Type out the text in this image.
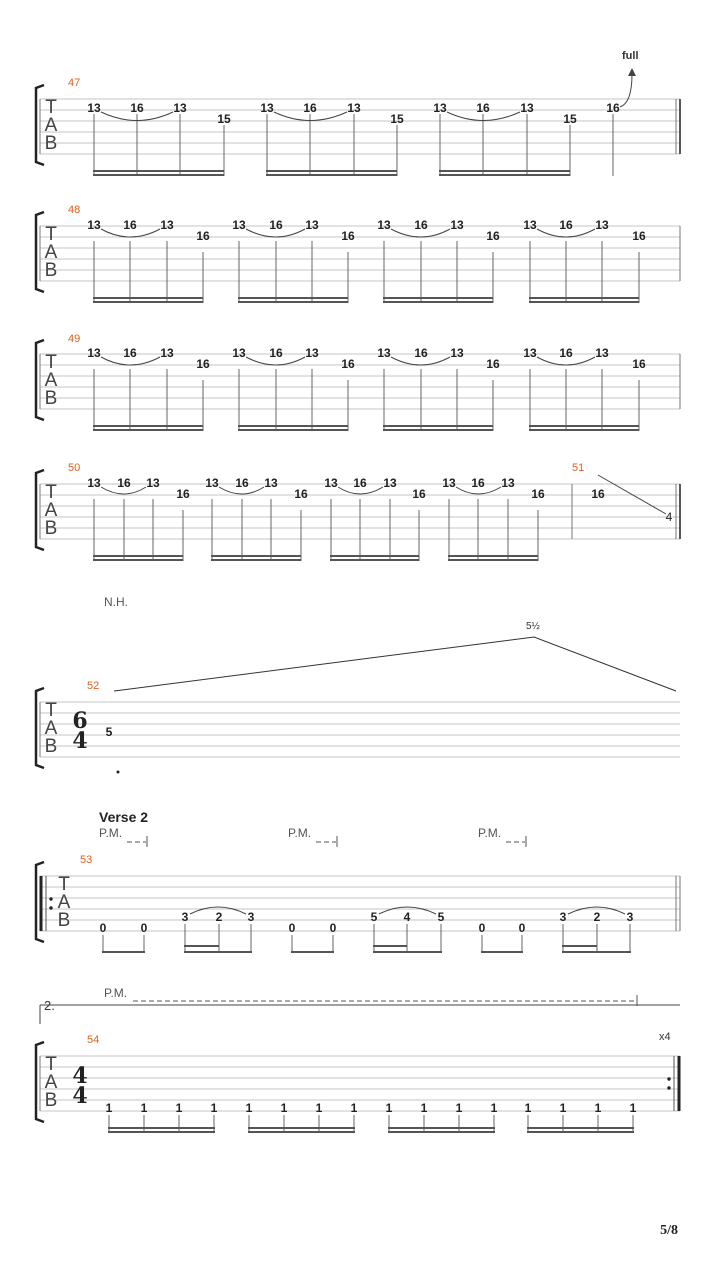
T
A
B
47
full
13 16 13
15
13 16	13
15
13 16	13
15
16
T
A
B
48
13 16 13
16
13 16 13
16
13 16 13
16
13 16 13
16
T
A
B
49
13 16 13
16
13 16 13
16
13 16 13
16
13 16 13
16
T
A
B
50	51
13 16 13
16
13 16 13
16
13 16 13
16
13 16 13
16	16
4
N.H.
5½
T
A
B
52
6
4 5
Verse 2
P.M.	P.M.	P.M.
T
A
B
53
0	0
3 2 3
0	0
5 4 5
0	0
3 2 3
2.
P.M.
x4
T
A
B
54
4
4 1 1 1 1 1 1 1 1 1 1 1 1 1 1 1 1
5/8
